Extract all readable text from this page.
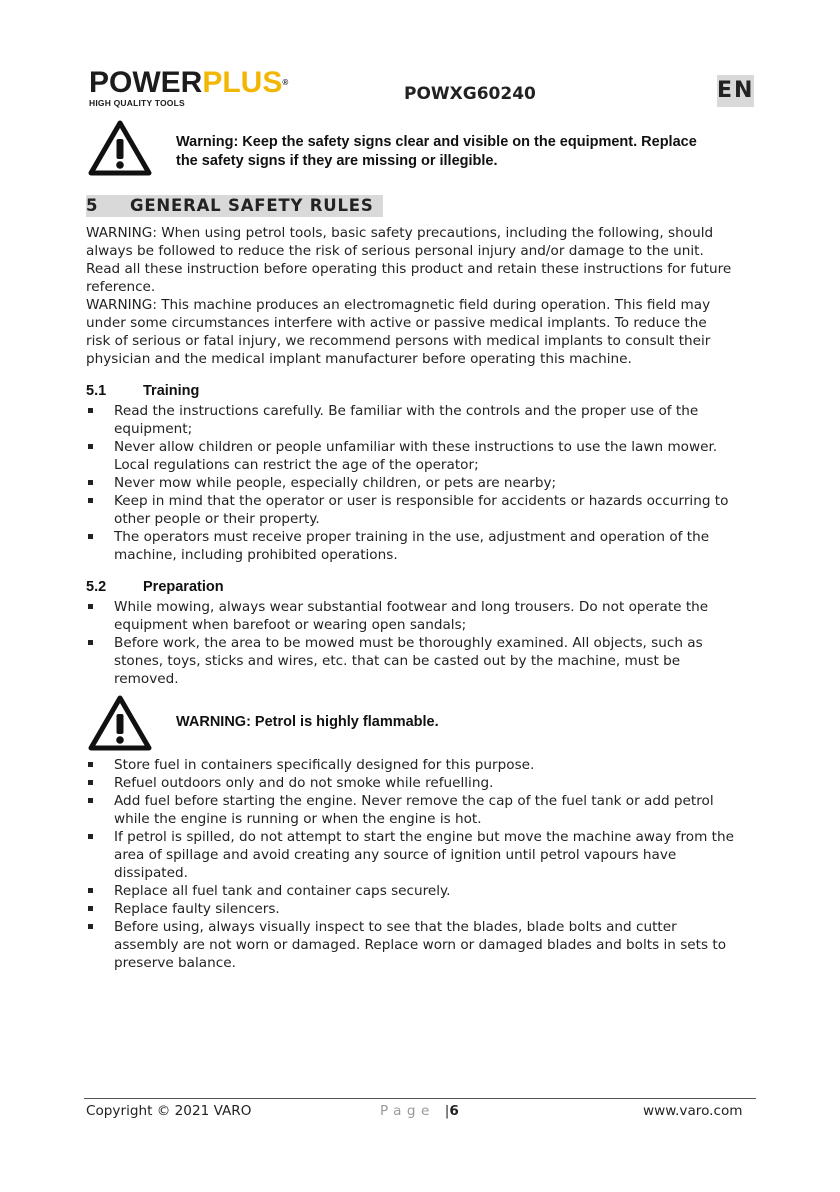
POWERPLUS®
HIGH QUALITY TOOLS	POWXG60240	EN
Warning: Keep the safety signs clear and visible on the equipment. Replace
the safety signs if they are missing or illegible.
5 GENERAL SAFETY RULES
WARNING: When using petrol tools, basic safety precautions, including the following, should
always be followed to reduce the risk of serious personal injury and/or damage to the unit.
Read all these instruction before operating this product and retain these instructions for future
reference.
WARNING: This machine produces an electromagnetic field during operation. This field may
under some circumstances interfere with active or passive medical implants. To reduce the
risk of serious or fatal injury, we recommend persons with medical implants to consult their
physician and the medical implant manufacturer before operating this machine.
5.1	Training
Read the instructions carefully. Be familiar with the controls and the proper use of the
equipment;
Never allow children or people unfamiliar with these instructions to use the lawn mower.
Local regulations can restrict the age of the operator;
Never mow while people, especially children, or pets are nearby;
Keep in mind that the operator or user is responsible for accidents or hazards occurring to
other people or their property.
The operators must receive proper training in the use, adjustment and operation of the
machine, including prohibited operations.
5.2	Preparation
While mowing, always wear substantial footwear and long trousers. Do not operate the
equipment when barefoot or wearing open sandals;
Before work, the area to be mowed must be thoroughly examined. All objects, such as
stones, toys, sticks and wires, etc. that can be casted out by the machine, must be
removed.
WARNING: Petrol is highly flammable.
Store fuel in containers specifically designed for this purpose.
Refuel outdoors only and do not smoke while refuelling.
Add fuel before starting the engine. Never remove the cap of the fuel tank or add petrol
while the engine is running or when the engine is hot.
If petrol is spilled, do not attempt to start the engine but move the machine away from the
area of spillage and avoid creating any source of ignition until petrol vapours have
dissipated.
Replace all fuel tank and container caps securely.
Replace faulty silencers.
Before using, always visually inspect to see that the blades, blade bolts and cutter
assembly are not worn or damaged. Replace worn or damaged blades and bolts in sets to
preserve balance.
Copyright © 2021 VARO	Page |6	www.varo.com
